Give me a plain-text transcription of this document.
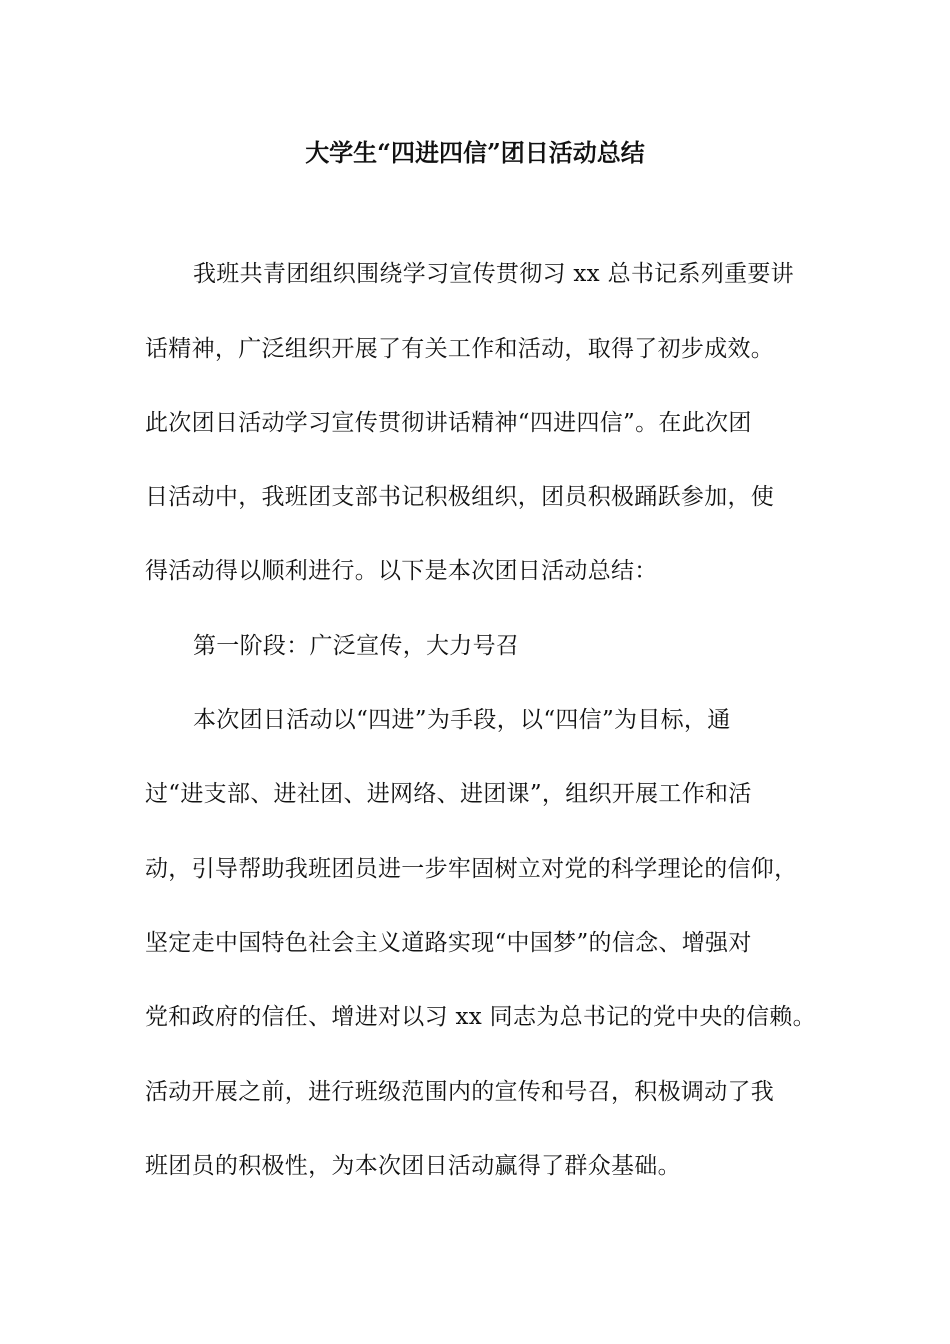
大学生“四进四信”团日活动总结
我班共青团组织围绕学习宣传贯彻习 xx 总书记系列重要讲
话精神，广泛组织开展了有关工作和活动，取得了初步成效。
此次团日活动学习宣传贯彻讲话精神“四进四信”。在此次团
日活动中，我班团支部书记积极组织，团员积极踊跃参加，使
得活动得以顺利进行。以下是本次团日活动总结：
第一阶段：广泛宣传，大力号召
本次团日活动以“四进”为手段，以“四信”为目标，通
过“进支部、进社团、进网络、进团课”，组织开展工作和活
动，引导帮助我班团员进一步牢固树立对党的科学理论的信仰，
坚定走中国特色社会主义道路实现“中国梦”的信念、增强对
党和政府的信任、增进对以习 xx 同志为总书记的党中央的信赖。
活动开展之前，进行班级范围内的宣传和号召，积极调动了我
班团员的积极性，为本次团日活动赢得了群众基础。
